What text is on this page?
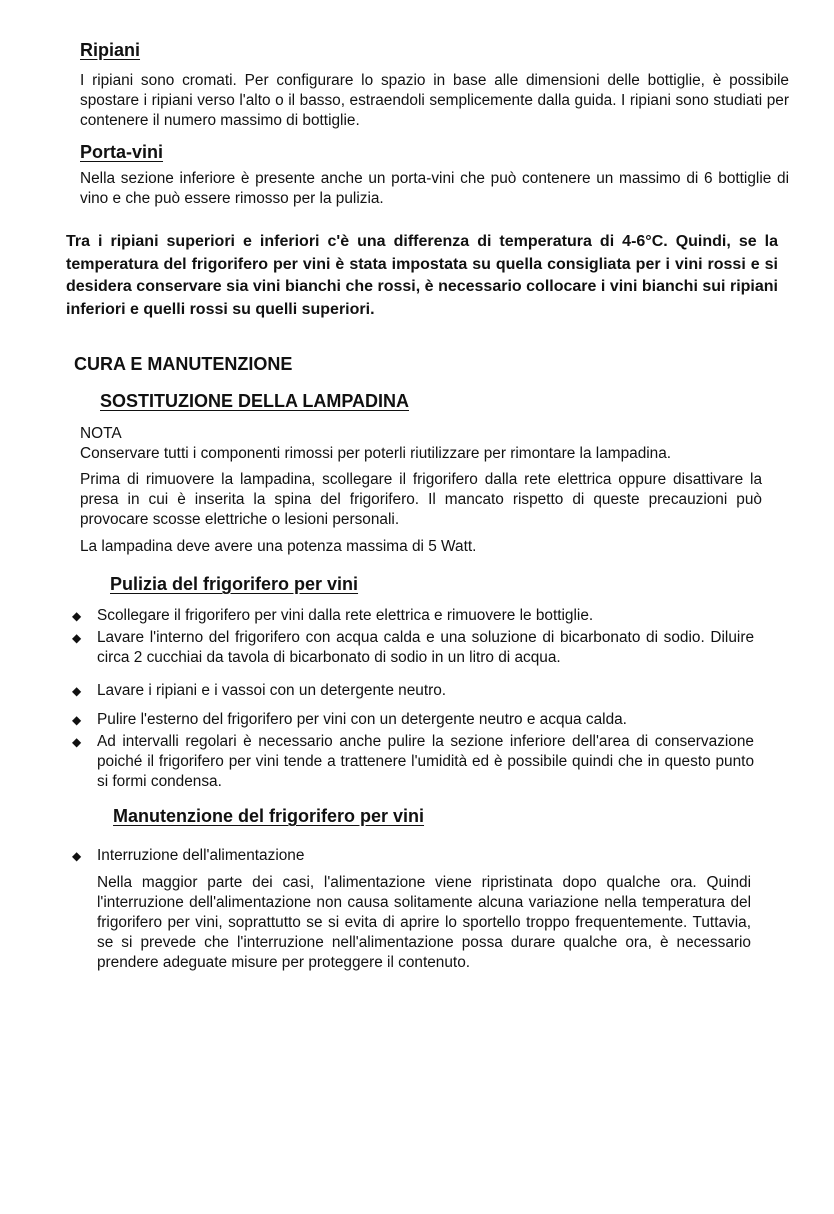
Ripiani

I ripiani sono cromati. Per configurare lo spazio in base alle dimensioni delle bottiglie, è possibile spostare i ripiani verso l'alto o il basso, estraendoli semplicemente dalla guida. I ripiani sono studiati per contenere il numero massimo di bottiglie.

Porta-vini

Nella sezione inferiore è presente anche un porta-vini che può contenere un massimo di 6 bottiglie di vino e che può essere rimosso per la pulizia.

Tra i ripiani superiori e inferiori c'è una differenza di temperatura di 4-6°C. Quindi, se la temperatura del frigorifero per vini è stata impostata su quella consigliata per i vini rossi e si desidera conservare sia vini bianchi che rossi, è necessario collocare i vini bianchi sui ripiani inferiori e quelli rossi su quelli superiori.

CURA E MANUTENZIONE
SOSTITUZIONE DELLA LAMPADINA

NOTA

Conservare tutti i componenti rimossi per poterli riutilizzare per rimontare la lampadina.

Prima di rimuovere la lampadina, scollegare il frigorifero dalla rete elettrica oppure disattivare la presa in cui è inserita la spina del frigorifero. Il mancato rispetto di queste precauzioni può provocare scosse elettriche o lesioni personali.

La lampadina deve avere una potenza massima di 5 Watt.

Pulizia del frigorifero per vini
◆ Scollegare il frigorifero per vini dalla rete elettrica e rimuovere le bottiglie.

◆ Lavare l'interno del frigorifero con acqua calda e una soluzione di bicarbonato di sodio. Diluire circa 2 cucchiai da tavola di bicarbonato di sodio in un litro di acqua.

◆ Lavare i ripiani e i vassoi con un detergente neutro.

◆ Pulire l'esterno del frigorifero per vini con un detergente neutro e acqua calda.

◆ Ad intervalli regolari è necessario anche pulire la sezione inferiore dell'area di conservazione poiché il frigorifero per vini tende a trattenere l'umidità ed è possibile quindi che in questo punto si formi condensa.

Manutenzione del frigorifero per vini
◆ Interruzione dell'alimentazione

Nella maggior parte dei casi, l'alimentazione viene ripristinata dopo qualche ora. Quindi l'interruzione dell'alimentazione non causa solitamente alcuna variazione nella temperatura del frigorifero per vini, soprattutto se si evita di aprire lo sportello troppo frequentemente. Tuttavia, se si prevede che l'interruzione nell'alimentazione possa durare qualche ora, è necessario prendere adeguate misure per proteggere il contenuto.
